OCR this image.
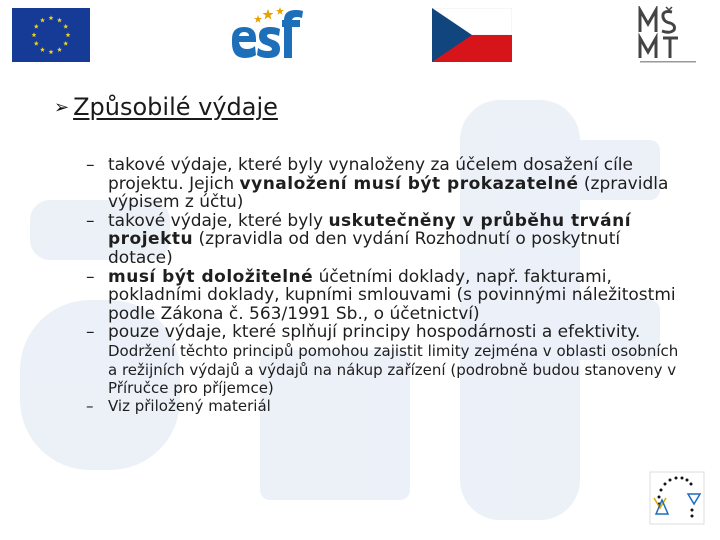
➢ Způsobilé výdaje
– takové výdaje, které byly vynaloženy za účelem dosažení cíle projektu. Jejich vynaložení musí být prokazatelné (zpravidla výpisem z účtu)
– takové výdaje, které byly uskutečněny v průběhu trvání projektu (zpravidla od den vydání Rozhodnutí o poskytnutí dotace)
– musí být doložitelné účetními doklady, např. fakturami, pokladními doklady, kupními smlouvami (s povinnými náležitostmi podle Zákona č. 563/1991 Sb., o účetnictví)
– pouze výdaje, které splňují principy hospodárnosti a efektivity. Dodržení těchto principů pomohou zajistit limity zejména v oblasti osobních a režijních výdajů a výdajů na nákup zařízení (podrobně budou stanoveny v Příručce pro příjemce)
– Viz přiložený materiál
